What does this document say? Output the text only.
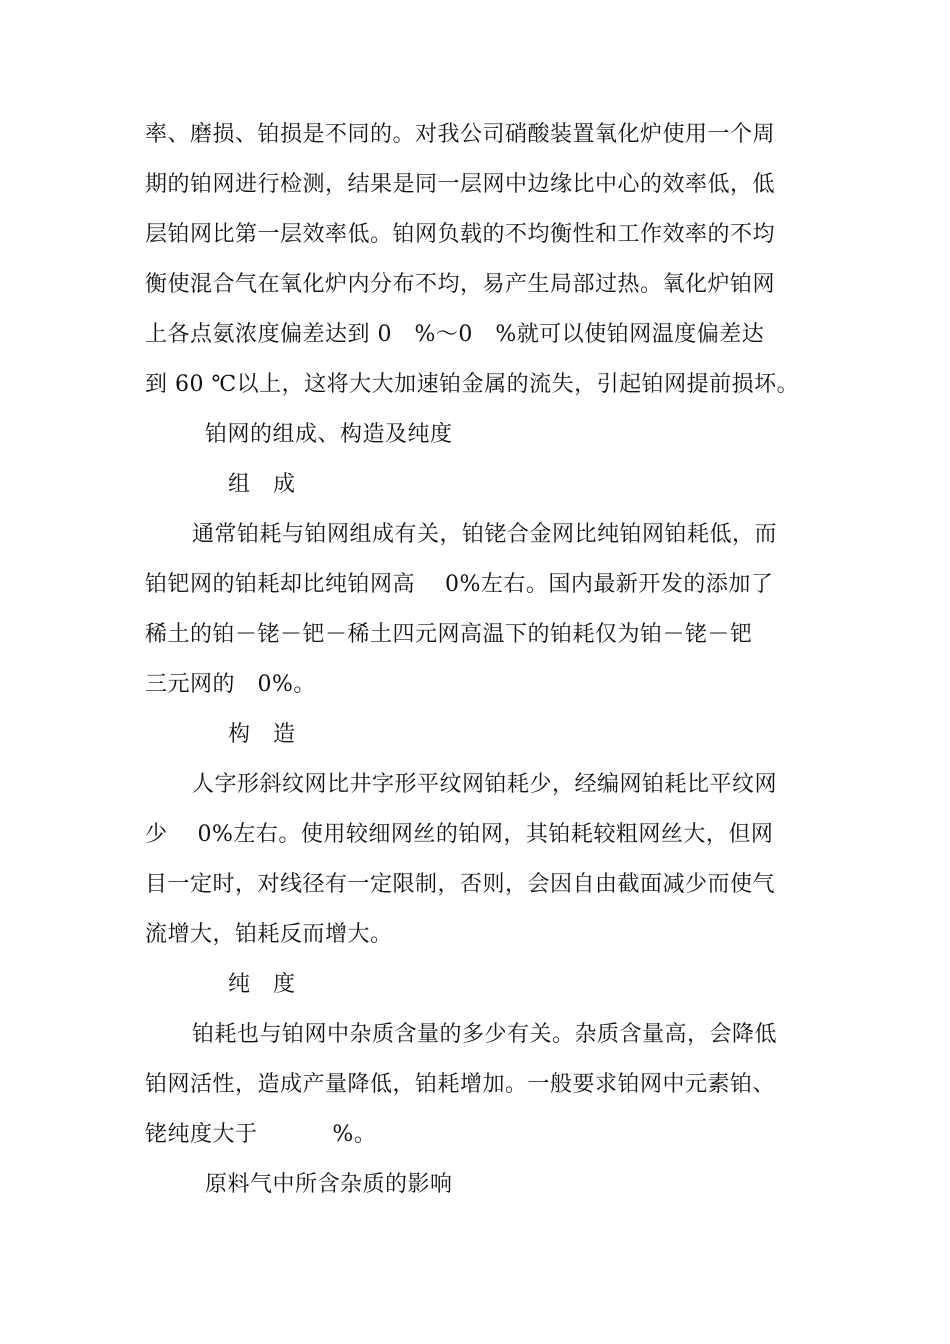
率、磨损、铂损是不同的。对我公司硝酸装置氧化炉使用一个周
期的铂网进行检测，结果是同一层网中边缘比中心的效率低，低
层铂网比第一层效率低。铂网负载的不均衡性和工作效率的不均
衡使混合气在氧化炉内分布不均，易产生局部过热。氧化炉铂网
上各点氨浓度偏差达到 0   %～0   %就可以使铂网温度偏差达
到 60 ℃以上，这将大大加速铂金属的流失，引起铂网提前损坏。
铂网的组成、构造及纯度
组   成
通常铂耗与铂网组成有关，铂铑合金网比纯铂网铂耗低，而
铂钯网的铂耗却比纯铂网高    0%左右。国内最新开发的添加了
稀土的铂－铑－钯－稀土四元网高温下的铂耗仅为铂－铑－钯
三元网的   0%。
构   造
人字形斜纹网比井字形平纹网铂耗少，经编网铂耗比平纹网
少    0%左右。使用较细网丝的铂网，其铂耗较粗网丝大，但网
目一定时，对线径有一定限制，否则，会因自由截面减少而使气
流增大，铂耗反而增大。
纯   度
铂耗也与铂网中杂质含量的多少有关。杂质含量高，会降低
铂网活性，造成产量降低，铂耗增加。一般要求铂网中元素铂、
铑纯度大于          %。
原料气中所含杂质的影响
